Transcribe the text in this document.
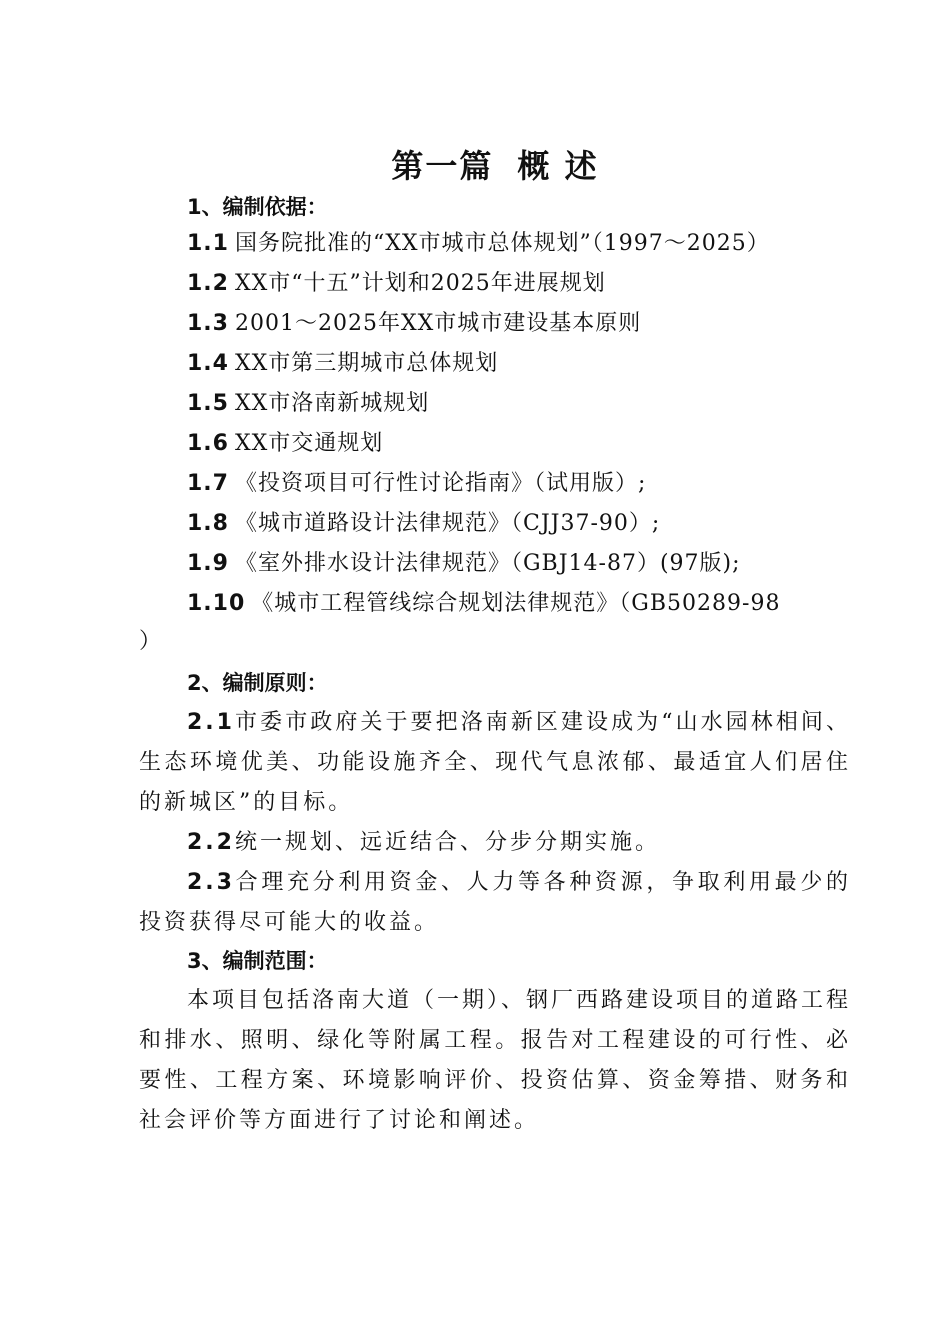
第一篇 概 述
1、编制依据：
1.1 国务院批准的“XX市城市总体规划”（1997～2025）
1.2 XX市“十五”计划和2025年进展规划
1.3 2001～2025年XX市城市建设基本原则
1.4 XX市第三期城市总体规划
1.5 XX市洛南新城规划
1.6 XX市交通规划
1.7 《投资项目可行性讨论指南》（试用版）;
1.8 《城市道路设计法律规范》（CJJ37-90）;
1.9 《室外排水设计法律规范》（GBJ14-87）(97版);
1.10 《城市工程管线综合规划法律规范》（GB50289-98
）
2、编制原则：
2.1市委市政府关于要把洛南新区建设成为“山水园林相间、生态环境优美、功能设施齐全、现代气息浓郁、最适宜人们居住的新城区”的目标。
2.2统一规划、远近结合、分步分期实施。
2.3合理充分利用资金、人力等各种资源，争取利用最少的投资获得尽可能大的收益。
3、编制范围：
本项目包括洛南大道（一期）、钢厂西路建设项目的道路工程和排水、照明、绿化等附属工程。报告对工程建设的可行性、必要性、工程方案、环境影响评价、投资估算、资金筹措、财务和社会评价等方面进行了讨论和阐述。
